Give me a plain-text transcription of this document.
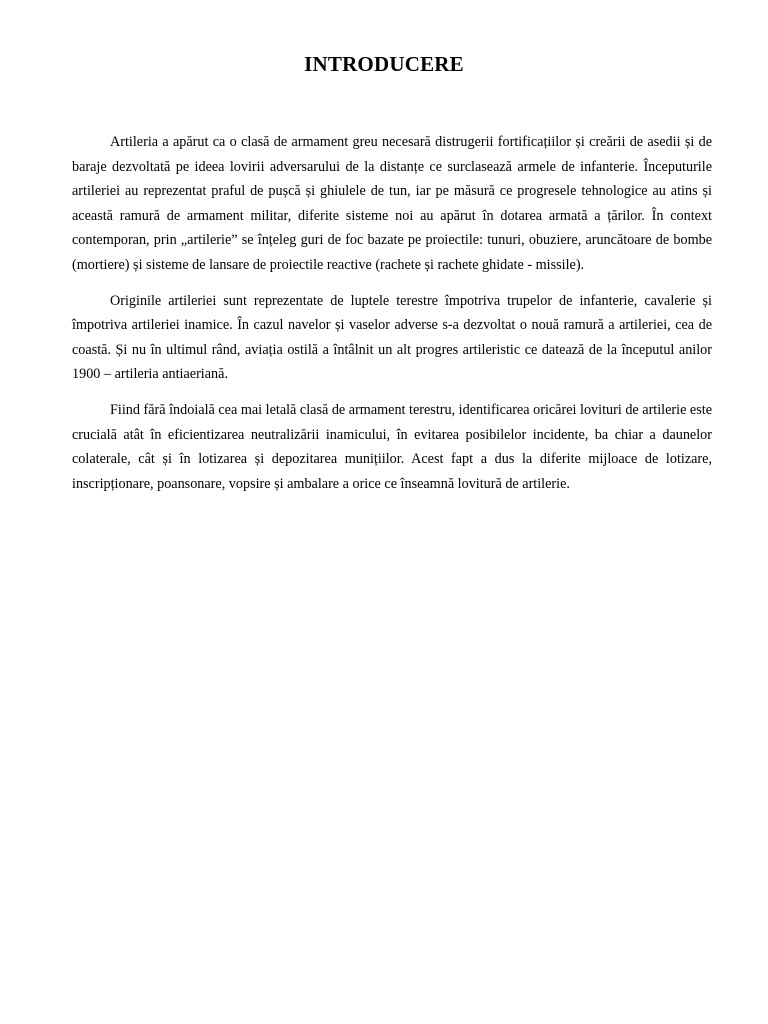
INTRODUCERE

Artileria a apărut ca o clasă de armament greu necesară distrugerii fortificațiilor și creării de asedii și de baraje dezvoltată pe ideea lovirii adversarului de la distanțe ce surclasează armele de infanterie. Începuturile artileriei au reprezentat praful de pușcă și ghiulele de tun, iar pe măsură ce progresele tehnologice au atins și această ramură de armament militar, diferite sisteme noi au apărut în dotarea armată a țărilor. În context contemporan, prin „artilerie” se înțeleg guri de foc bazate pe proiectile: tunuri, obuziere, aruncătoare de bombe (mortiere) și sisteme de lansare de proiectile reactive (rachete și rachete ghidate - missile).

Originile artileriei sunt reprezentate de luptele terestre împotriva trupelor de infanterie, cavalerie și împotriva artileriei inamice. În cazul navelor și vaselor adverse s-a dezvoltat o nouă ramură a artileriei, cea de coastă. Și nu în ultimul rând, aviația ostilă a întâlnit un alt progres artileristic ce datează de la începutul anilor 1900 – artileria antiaeriană.

Fiind fără îndoială cea mai letală clasă de armament terestru, identificarea oricărei lovituri de artilerie este crucială atât în eficientizarea neutralizării inamicului, în evitarea posibilelor incidente, ba chiar a daunelor colaterale, cât și în lotizarea și depozitarea munițiilor. Acest fapt a dus la diferite mijloace de lotizare, inscripționare, poansonare, vopsire și ambalare a orice ce înseamnă lovitură de artilerie.
